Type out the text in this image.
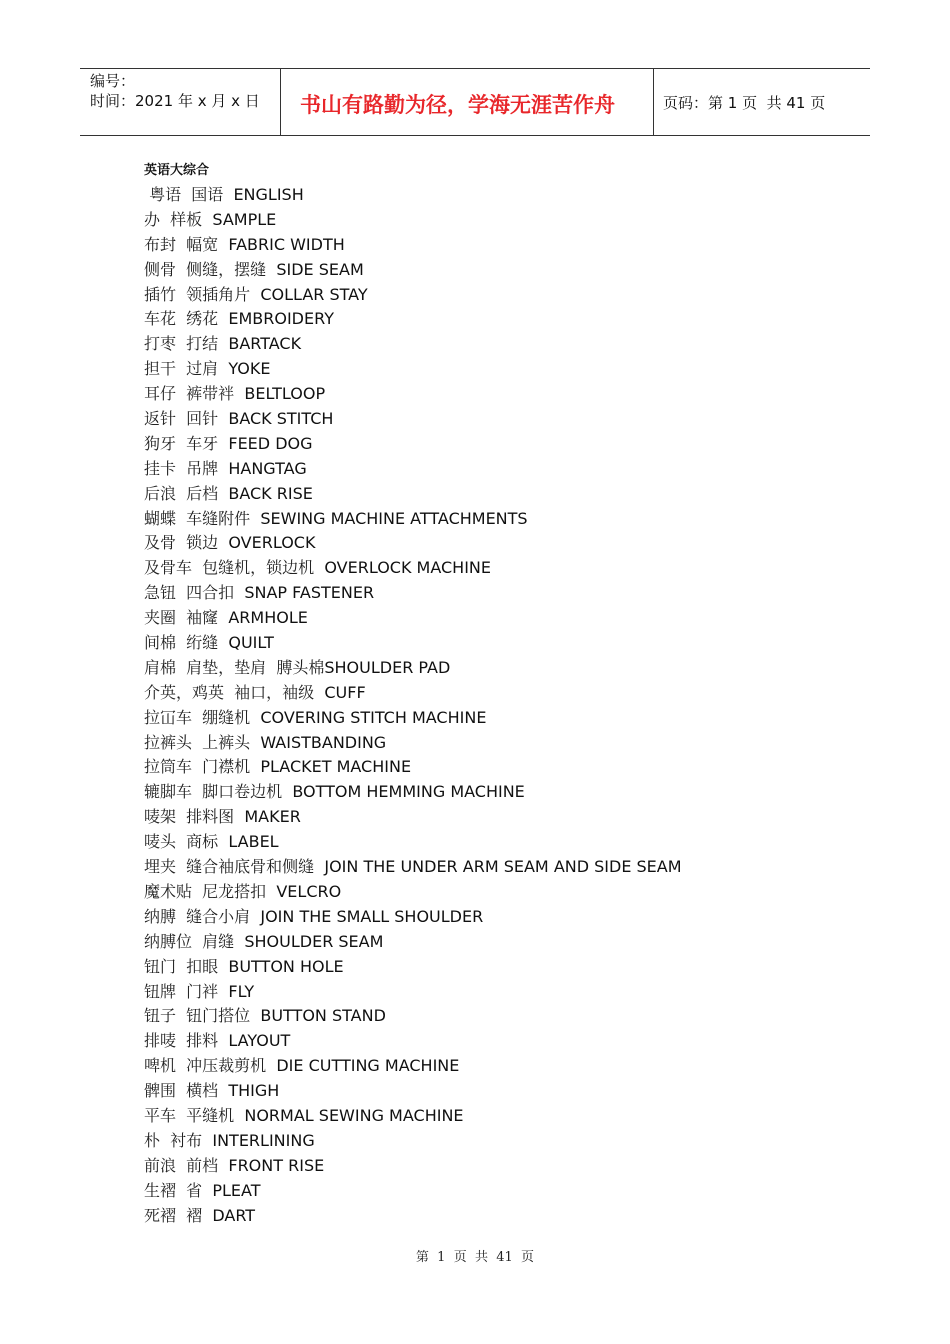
编号：
时间：2021 年 x 月 x 日	书山有路勤为径，学海无涯苦作舟	页码：第 1 页  共 41 页
英语大综合
粤语  国语  ENGLISH
办  样板  SAMPLE
布封  幅宽  FABRIC WIDTH
侧骨  侧缝，摆缝  SIDE SEAM
插竹  领插角片  COLLAR STAY
车花  绣花  EMBROIDERY
打枣  打结  BARTACK
担干  过肩  YOKE
耳仔  裤带袢  BELTLOOP
返针  回针  BACK STITCH
狗牙  车牙  FEED DOG
挂卡  吊牌  HANGTAG
后浪  后档  BACK RISE
蝴蝶  车缝附件  SEWING MACHINE ATTACHMENTS
及骨  锁边  OVERLOCK
及骨车  包缝机，锁边机  OVERLOCK MACHINE
急钮  四合扣  SNAP FASTENER
夹圈  袖窿  ARMHOLE
间棉  绗缝  QUILT
肩棉  肩垫，垫肩  膊头棉SHOULDER PAD
介英，鸡英  袖口，袖级  CUFF
拉冚车  绷缝机  COVERING STITCH MACHINE
拉裤头  上裤头  WAISTBANDING
拉筒车  门襟机  PLACKET MACHINE
辘脚车  脚口卷边机  BOTTOM HEMMING MACHINE
唛架  排料图  MAKER
唛头  商标  LABEL
埋夹  缝合袖底骨和侧缝  JOIN THE UNDER ARM SEAM AND SIDE SEAM
魔术贴  尼龙搭扣  VELCRO
纳膊  缝合小肩  JOIN THE SMALL SHOULDER
纳膊位  肩缝  SHOULDER SEAM
钮门  扣眼  BUTTON HOLE
钮牌  门袢  FLY
钮子  钮门搭位  BUTTON STAND
排唛  排料  LAYOUT
啤机  冲压裁剪机  DIE CUTTING MACHINE
髀围  横档  THIGH
平车  平缝机  NORMAL SEWING MACHINE
朴  衬布  INTERLINING
前浪  前档  FRONT RISE
生褶  省  PLEAT
死褶  褶  DART
第  1  页  共  41  页
